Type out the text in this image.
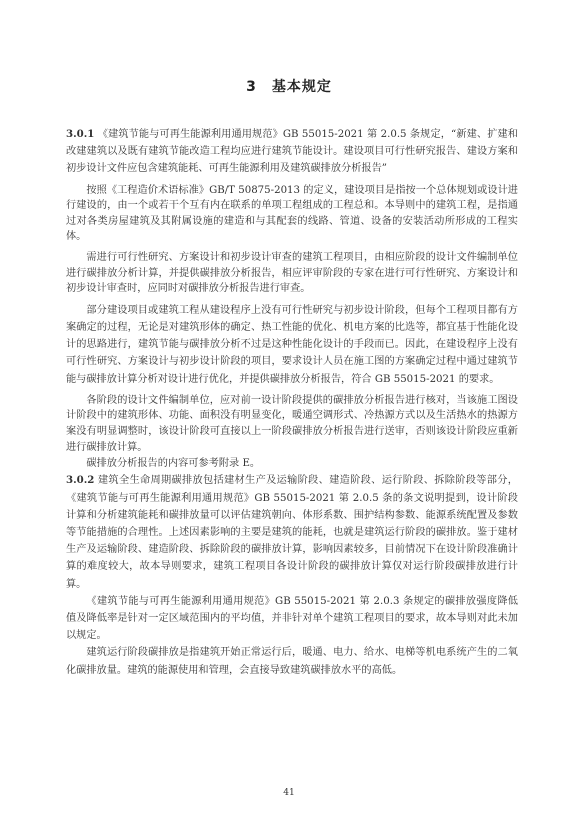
3　基本规定

3.0.1 《建筑节能与可再生能源利用通用规范》GB 55015-2021 第 2.0.5 条规定，“新建、扩建和改建建筑以及既有建筑节能改造工程均应进行建筑节能设计。建设项目可行性研究报告、建设方案和初步设计文件应包含建筑能耗、可再生能源利用及建筑碳排放分析报告”

按照《工程造价术语标准》GB/T 50875-2013 的定义，建设项目是指按一个总体规划或设计进行建设的，由一个或若干个互有内在联系的单项工程组成的工程总和。本导则中的建筑工程，是指通过对各类房屋建筑及其附属设施的建造和与其配套的线路、管道、设备的安装活动所形成的工程实体。

需进行可行性研究、方案设计和初步设计审查的建筑工程项目，由相应阶段的设计文件编制单位进行碳排放分析计算，并提供碳排放分析报告，相应评审阶段的专家在进行可行性研究、方案设计和初步设计审查时，应同时对碳排放分析报告进行审查。

部分建设项目或建筑工程从建设程序上没有可行性研究与初步设计阶段，但每个工程项目都有方案确定的过程，无论是对建筑形体的确定、热工性能的优化、机电方案的比选等，都宜基于性能化设计的思路进行，建筑节能与碳排放分析不过是这种性能化设计的手段而已。因此，在建设程序上没有可行性研究、方案设计与初步设计阶段的项目，要求设计人员在施工图的方案确定过程中通过建筑节能与碳排放计算分析对设计进行优化，并提供碳排放分析报告，符合 GB 55015-2021 的要求。

各阶段的设计文件编制单位，应对前一设计阶段提供的碳排放分析报告进行核对，当该施工图设计阶段中的建筑形体、功能、面积没有明显变化，暖通空调形式、冷热源方式以及生活热水的热源方案没有明显调整时，该设计阶段可直接以上一阶段碳排放分析报告进行送审，否则该设计阶段应重新进行碳排放计算。

碳排放分析报告的内容可参考附录 E。

3.0.2 建筑全生命周期碳排放包括建材生产及运输阶段、建造阶段、运行阶段、拆除阶段等部分，《建筑节能与可再生能源利用通用规范》GB 55015-2021 第 2.0.5 条的条文说明提到，设计阶段计算和分析建筑能耗和碳排放量可以评估建筑朝向、体形系数、围护结构参数、能源系统配置及参数等节能措施的合理性。上述因素影响的主要是建筑的能耗，也就是建筑运行阶段的碳排放。鉴于建材生产及运输阶段、建造阶段、拆除阶段的碳排放计算，影响因素较多，目前情况下在设计阶段准确计算的难度较大，故本导则要求，建筑工程项目各设计阶段的碳排放计算仅对运行阶段碳排放进行计算。

《建筑节能与可再生能源利用通用规范》GB 55015-2021 第 2.0.3 条规定的碳排放强度降低值及降低率是针对一定区域范围内的平均值，并非针对单个建筑工程项目的要求，故本导则对此未加以规定。

建筑运行阶段碳排放是指建筑开始正常运行后，暖通、电力、给水、电梯等机电系统产生的二氧化碳排放量。建筑的能源使用和管理，会直接导致建筑碳排放水平的高低。

41
